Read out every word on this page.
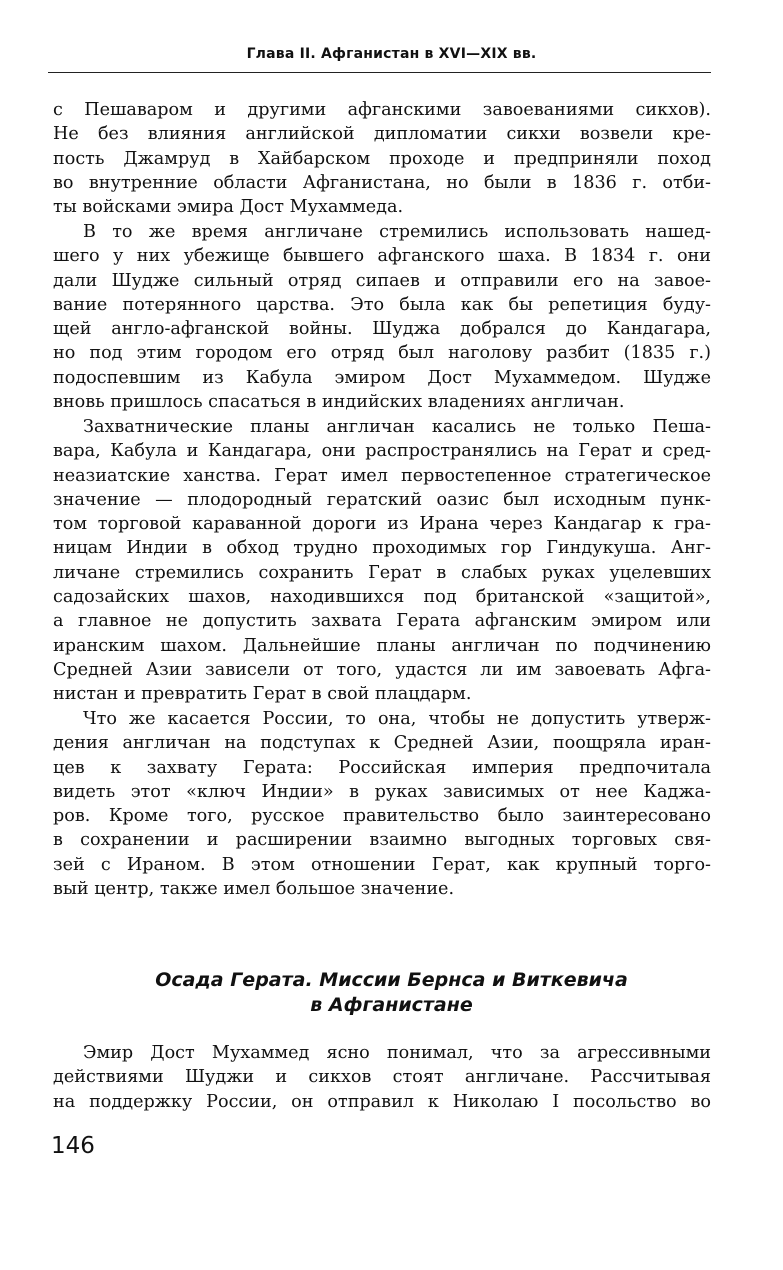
Глава II. Афганистан в XVI—XIX вв.
с Пешаваром и другими афганскими завоеваниями сикхов).
Не без влияния английской дипломатии сикхи возвели кре-
пость Джамруд в Хайбарском проходе и предприняли поход
во внутренние области Афганистана, но были в 1836 г. отби-
ты войсками эмира Дост Мухаммеда.
В то же время англичане стремились использовать нашед-
шего у них убежище бывшего афганского шаха. В 1834 г. они
дали Шудже сильный отряд сипаев и отправили его на завое-
вание потерянного царства. Это была как бы репетиция буду-
щей англо-афганской войны. Шуджа добрался до Кандагара,
но под этим городом его отряд был наголову разбит (1835 г.)
подоспевшим из Кабула эмиром Дост Мухаммедом. Шудже
вновь пришлось спасаться в индийских владениях англичан.
Захватнические планы англичан касались не только Пеша-
вара, Кабула и Кандагара, они распространялись на Герат и сред-
неазиатские ханства. Герат имел первостепенное стратегическое
значение — плодородный гератский оазис был исходным пунк-
том торговой караванной дороги из Ирана через Кандагар к гра-
ницам Индии в обход трудно проходимых гор Гиндукуша. Анг-
личане стремились сохранить Герат в слабых руках уцелевших
садозайских шахов, находившихся под британской «защитой»,
а главное не допустить захвата Герата афганским эмиром или
иранским шахом. Дальнейшие планы англичан по подчинению
Средней Азии зависели от того, удастся ли им завоевать Афга-
нистан и превратить Герат в свой плацдарм.
Что же касается России, то она, чтобы не допустить утверж-
дения англичан на подступах к Средней Азии, поощряла иран-
цев к захвату Герата: Российская империя предпочитала
видеть этот «ключ Индии» в руках зависимых от нее Каджа-
ров. Кроме того, русское правительство было заинтересовано
в сохранении и расширении взаимно выгодных торговых свя-
зей с Ираном. В этом отношении Герат, как крупный торго-
вый центр, также имел большое значение.
Осада Герата. Миссии Бернса и Виткевича
в Афганистане
Эмир Дост Мухаммед ясно понимал, что за агрессивными
действиями Шуджи и сикхов стоят англичане. Рассчитывая
на поддержку России, он отправил к Николаю I посольство во
146
